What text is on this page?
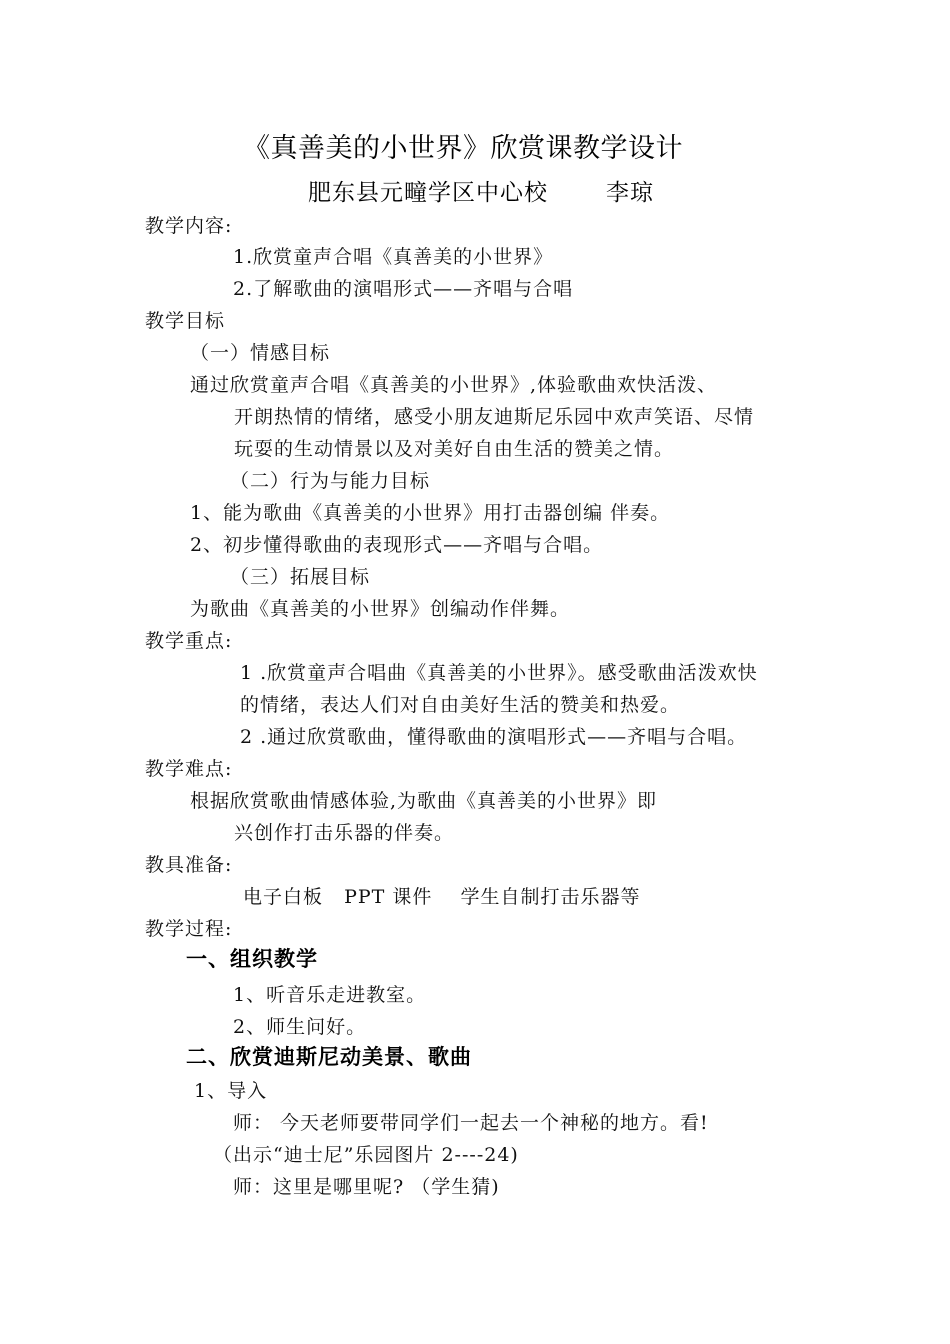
《真善美的小世界》欣赏课教学设计
肥东县元疃学区中心校	李琼
教学内容:
1.欣赏童声合唱《真善美的小世界》
2.了解歌曲的演唱形式——齐唱与合唱
教学目标
（一）情感目标
通过欣赏童声合唱《真善美的小世界》,体验歌曲欢快活泼、
开朗热情的情绪，感受小朋友迪斯尼乐园中欢声笑语、尽情
玩耍的生动情景以及对美好自由生活的赞美之情。
（二）行为与能力目标
1、能为歌曲《真善美的小世界》用打击器创编 伴奏。
2、初步懂得歌曲的表现形式——齐唱与合唱。
（三）拓展目标
为歌曲《真善美的小世界》创编动作伴舞。
教学重点:
1 .欣赏童声合唱曲《真善美的小世界》。感受歌曲活泼欢快
的情绪，表达人们对自由美好生活的赞美和热爱。
2 .通过欣赏歌曲，懂得歌曲的演唱形式——齐唱与合唱。
教学难点:
根据欣赏歌曲情感体验,为歌曲《真善美的小世界》即
兴创作打击乐器的伴奏。
教具准备:
电子白板   PPT 课件    学生自制打击乐器等
教学过程:
一、组织教学
1、听音乐走进教室。
2、师生问好。
二、欣赏迪斯尼动美景、歌曲
1、导入
师： 今天老师要带同学们一起去一个神秘的地方。看!
（出示“迪士尼”乐园图片 2----24)
师：这里是哪里呢? （学生猜)
